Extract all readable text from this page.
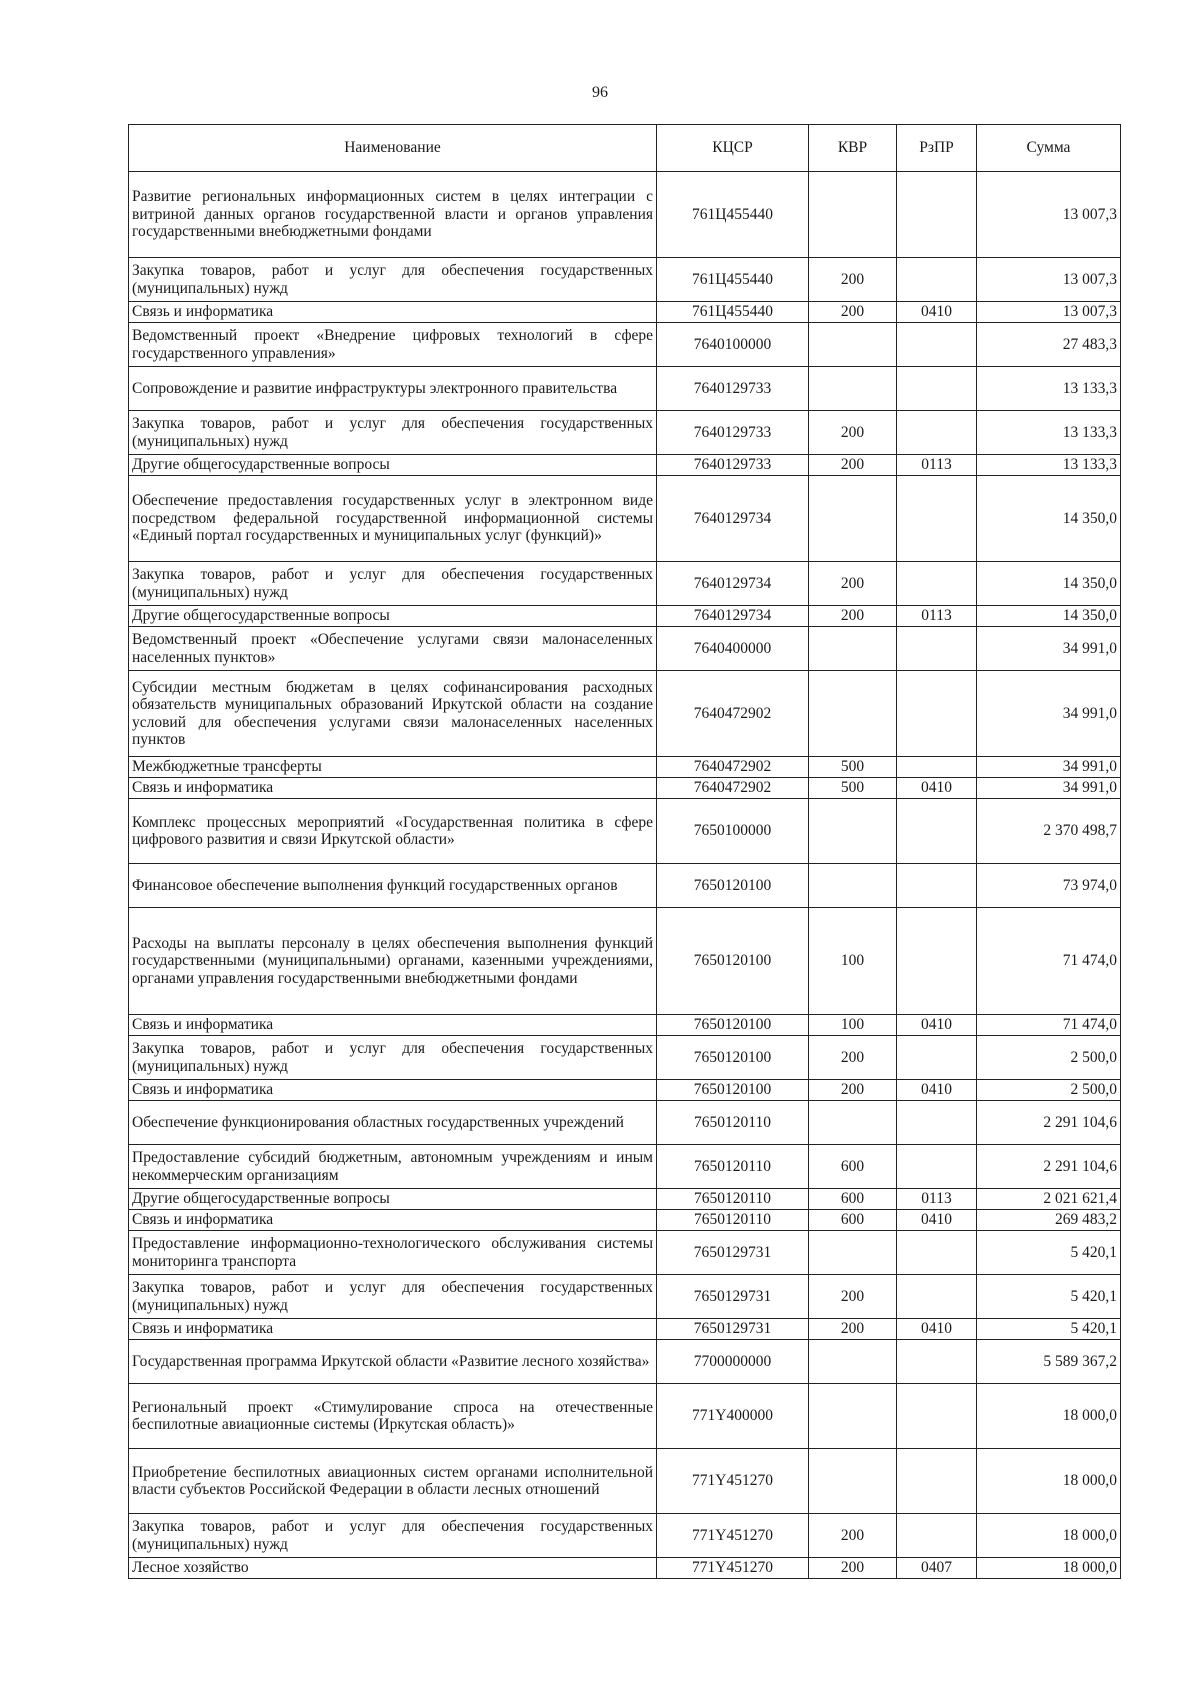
96
Наименование	КЦСР	КВР	РзПР	Сумма
Развитие региональных информационных систем в целях интеграции с витриной данных органов государственной власти и органов управления государственными внебюджетными фондами	761Ц455440			13 007,3
Закупка товаров, работ и услуг для обеспечения государственных (муниципальных) нужд	761Ц455440	200		13 007,3
Связь и информатика	761Ц455440	200	0410	13 007,3
Ведомственный проект «Внедрение цифровых технологий в сфере государственного управления»	7640100000			27 483,3
Сопровождение и развитие инфраструктуры электронного правительства	7640129733			13 133,3
Закупка товаров, работ и услуг для обеспечения государственных (муниципальных) нужд	7640129733	200		13 133,3
Другие общегосударственные вопросы	7640129733	200	0113	13 133,3
Обеспечение предоставления государственных услуг в электронном виде посредством федеральной государственной информационной системы «Единый портал государственных и муниципальных услуг (функций)»	7640129734			14 350,0
Закупка товаров, работ и услуг для обеспечения государственных (муниципальных) нужд	7640129734	200		14 350,0
Другие общегосударственные вопросы	7640129734	200	0113	14 350,0
Ведомственный проект «Обеспечение услугами связи малонаселенных населенных пунктов»	7640400000			34 991,0
Субсидии местным бюджетам в целях софинансирования расходных обязательств муниципальных образований Иркутской области на создание условий для обеспечения услугами связи малонаселенных населенных пунктов	7640472902			34 991,0
Межбюджетные трансферты	7640472902	500		34 991,0
Связь и информатика	7640472902	500	0410	34 991,0
Комплекс процессных мероприятий «Государственная политика в сфере цифрового развития и связи Иркутской области»	7650100000			2 370 498,7
Финансовое обеспечение выполнения функций государственных органов	7650120100			73 974,0
Расходы на выплаты персоналу в целях обеспечения выполнения функций государственными (муниципальными) органами, казенными учреждениями, органами управления государственными внебюджетными фондами	7650120100	100		71 474,0
Связь и информатика	7650120100	100	0410	71 474,0
Закупка товаров, работ и услуг для обеспечения государственных (муниципальных) нужд	7650120100	200		2 500,0
Связь и информатика	7650120100	200	0410	2 500,0
Обеспечение функционирования областных государственных учреждений	7650120110			2 291 104,6
Предоставление субсидий бюджетным, автономным учреждениям и иным некоммерческим организациям	7650120110	600		2 291 104,6
Другие общегосударственные вопросы	7650120110	600	0113	2 021 621,4
Связь и информатика	7650120110	600	0410	269 483,2
Предоставление информационно-технологического обслуживания системы мониторинга транспорта	7650129731			5 420,1
Закупка товаров, работ и услуг для обеспечения государственных (муниципальных) нужд	7650129731	200		5 420,1
Связь и информатика	7650129731	200	0410	5 420,1
Государственная программа Иркутской области «Развитие лесного хозяйства»	7700000000			5 589 367,2
Региональный проект «Стимулирование спроса на отечественные беспилотные авиационные системы (Иркутская область)»	771Y400000			18 000,0
Приобретение беспилотных авиационных систем органами исполнительной власти субъектов Российской Федерации в области лесных отношений	771Y451270			18 000,0
Закупка товаров, работ и услуг для обеспечения государственных (муниципальных) нужд	771Y451270	200		18 000,0
Лесное хозяйство	771Y451270	200	0407	18 000,0
